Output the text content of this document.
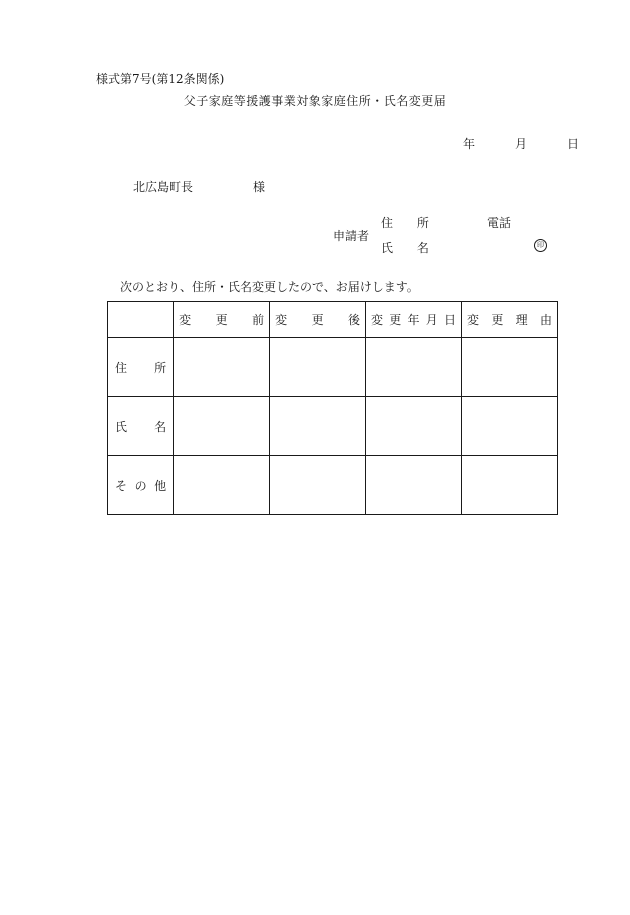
様式第7号(第12条関係)
父子家庭等援護事業対象家庭住所・氏名変更届
年	月	日
北広島町長	様
申請者
住 所	電話
氏 名	印
次のとおり、住所・氏名変更したので、お届けします。
	変 更 前	変 更 後	変 更 年 月 日	変 更 理 由
住 所				
氏 名				
そ の 他				
